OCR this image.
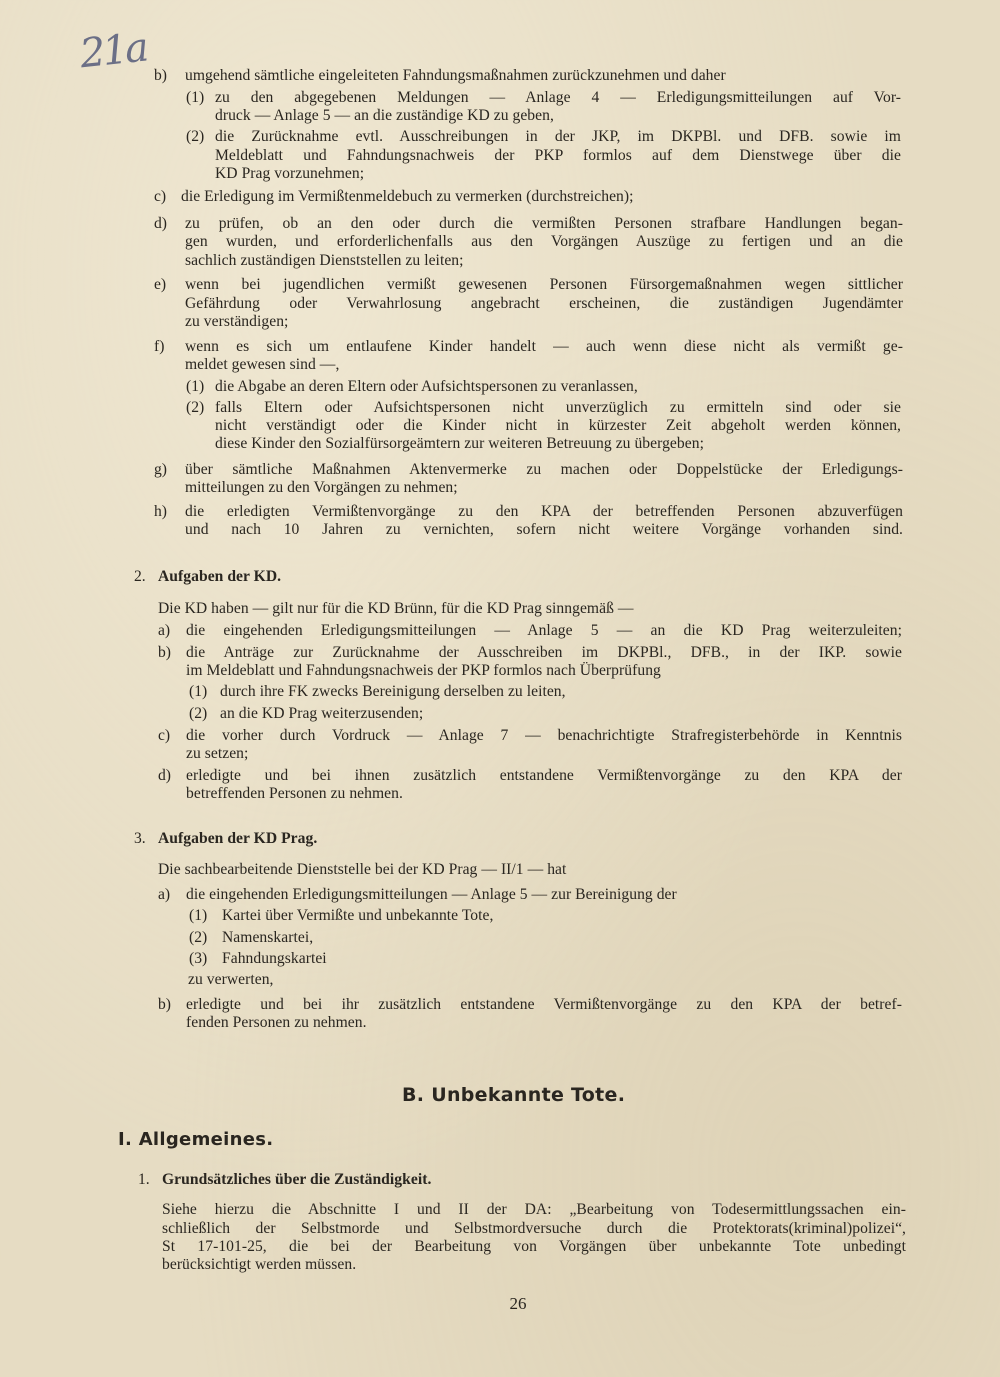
21a b) umgehend sämtliche eingeleiteten Fahndungsmaßnahmen zurückzunehmen und daher
(1) zu den abgegebenen Meldungen — Anlage 4 — Erledigungsmitteilungen auf Vor-
druck — Anlage 5 — an die zuständige KD zu geben,
(2) die Zurücknahme evtl. Ausschreibungen in der JKP, im DKPBl. und DFB. sowie im
Meldeblatt und Fahndungsnachweis der PKP formlos auf dem Dienstwege über die
KD Prag vorzunehmen;
c) die Erledigung im Vermißtenmeldebuch zu vermerken (durchstreichen);
d) zu prüfen, ob an den oder durch die vermißten Personen strafbare Handlungen began-
gen wurden, und erforderlichenfalls aus den Vorgängen Auszüge zu fertigen und an die
sachlich zuständigen Dienststellen zu leiten;
e) wenn bei jugendlichen vermißt gewesenen Personen Fürsorgemaßnahmen wegen sittlicher
Gefährdung oder Verwahrlosung angebracht erscheinen, die zuständigen Jugendämter
zu verständigen;
f) wenn es sich um entlaufene Kinder handelt — auch wenn diese nicht als vermißt ge-
meldet gewesen sind —,
(1) die Abgabe an deren Eltern oder Aufsichtspersonen zu veranlassen,
(2) falls Eltern oder Aufsichtspersonen nicht unverzüglich zu ermitteln sind oder sie
nicht verständigt oder die Kinder nicht in kürzester Zeit abgeholt werden können,
diese Kinder den Sozialfürsorgeämtern zur weiteren Betreuung zu übergeben;
g) über sämtliche Maßnahmen Aktenvermerke zu machen oder Doppelstücke der Erledigungs-
mitteilungen zu den Vorgängen zu nehmen;
h) die erledigten Vermißtenvorgänge zu den KPA der betreffenden Personen abzuverfügen
und nach 10 Jahren zu vernichten, sofern nicht weitere Vorgänge vorhanden sind.
2. Aufgaben der KD.
Die KD haben — gilt nur für die KD Brünn, für die KD Prag sinngemäß —
a) die eingehenden Erledigungsmitteilungen — Anlage 5 — an die KD Prag weiterzuleiten;
b) die Anträge zur Zurücknahme der Ausschreiben im DKPBl., DFB., in der IKP. sowie
im Meldeblatt und Fahndungsnachweis der PKP formlos nach Überprüfung
(1) durch ihre FK zwecks Bereinigung derselben zu leiten,
(2) an die KD Prag weiterzusenden;
c) die vorher durch Vordruck — Anlage 7 — benachrichtigte Strafregisterbehörde in Kenntnis
zu setzen;
d) erledigte und bei ihnen zusätzlich entstandene Vermißtenvorgänge zu den KPA der
betreffenden Personen zu nehmen.
3. Aufgaben der KD Prag.
Die sachbearbeitende Dienststelle bei der KD Prag — II/1 — hat
a) die eingehenden Erledigungsmitteilungen — Anlage 5 — zur Bereinigung der
(1) Kartei über Vermißte und unbekannte Tote,
(2) Namenskartei,
(3) Fahndungskartei
zu verwerten,
b) erledigte und bei ihr zusätzlich entstandene Vermißtenvorgänge zu den KPA der betref-
fenden Personen zu nehmen.
B. Unbekannte Tote.
I. Allgemeines.
1. Grundsätzliches über die Zuständigkeit.
Siehe hierzu die Abschnitte I und II der DA: „Bearbeitung von Todesermittlungssachen ein-
schließlich der Selbstmorde und Selbstmordversuche durch die Protektorats(kriminal)polizei“,
St 17-101-25, die bei der Bearbeitung von Vorgängen über unbekannte Tote unbedingt
berücksichtigt werden müssen.
26
